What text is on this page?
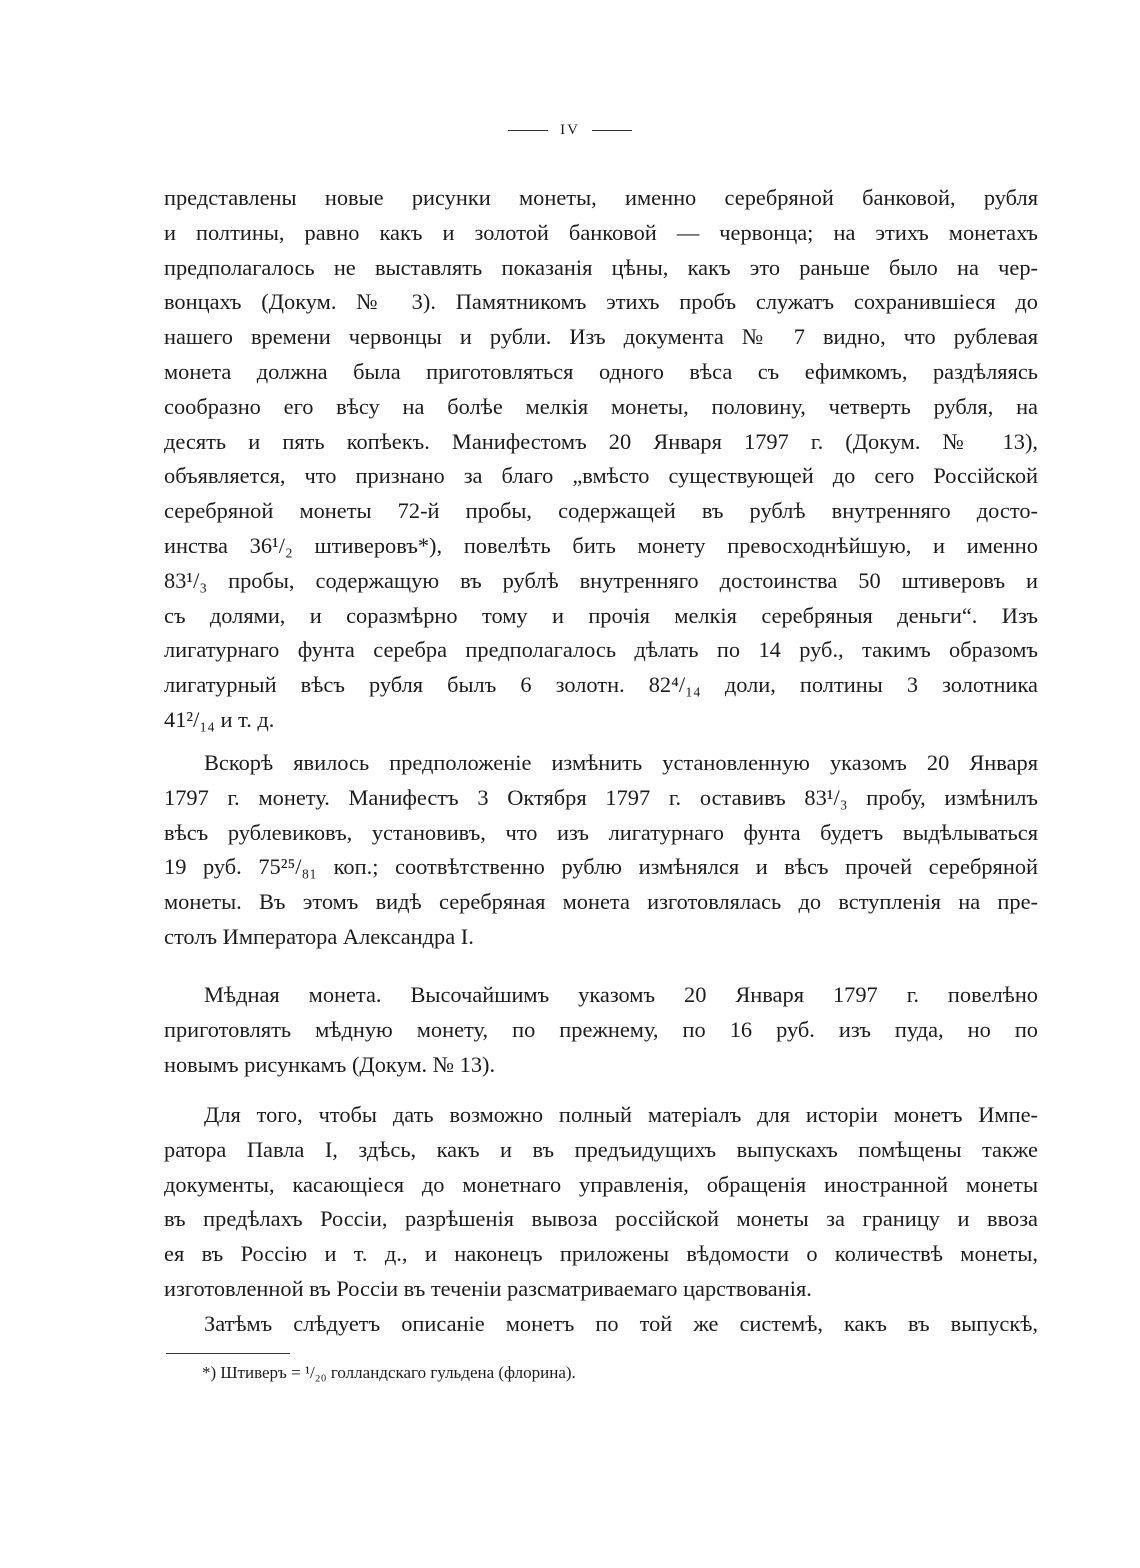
IV
представлены новые рисунки монеты, именно серебряной банковой, рубля
и полтины, равно какъ и золотой банковой — червонца; на этихъ монетахъ
предполагалось не выставлять показанія цѣны, какъ это раньше было на чер-
вонцахъ (Докум. № 3). Памятникомъ этихъ пробъ служатъ сохранившіеся до
нашего времени червонцы и рубли. Изъ документа № 7 видно, что рублевая
монета должна была приготовляться одного вѣса съ ефимкомъ, раздѣляясь
сообразно его вѣсу на болѣе мелкія монеты, половину, четверть рубля, на
десять и пять копѣекъ. Манифестомъ 20 Января 1797 г. (Докум. № 13),
объявляется, что признано за благо „вмѣсто существующей до сего Россійской
серебряной монеты 72-й пробы, содержащей въ рублѣ внутренняго досто-
инства 36¹/₂ штиверовъ*), повелѣть бить монету превосходнѣйшую, и именно
83¹/₃ пробы, содержащую въ рублѣ внутренняго достоинства 50 штиверовъ и
съ долями, и соразмѣрно тому и прочія мелкія серебряныя деньги“. Изъ
лигатурнаго фунта серебра предполагалось дѣлать по 14 руб., такимъ образомъ
лигатурный вѣсъ рубля былъ 6 золотн. 82⁴/₁₄ доли, полтины 3 золотника
41²/₁₄ и т. д.
Вскорѣ явилось предположеніе измѣнить установленную указомъ 20 Января
1797 г. монету. Манифестъ 3 Октября 1797 г. оставивъ 83¹/₃ пробу, измѣнилъ
вѣсъ рублевиковъ, установивъ, что изъ лигатурнаго фунта будетъ выдѣлываться
19 руб. 75²⁵/₈₁ коп.; соотвѣтственно рублю измѣнялся и вѣсъ прочей серебряной
монеты. Въ этомъ видѣ серебряная монета изготовлялась до вступленія на пре-
столъ Императора Александра I.
Мѣдная монета. Высочайшимъ указомъ 20 Января 1797 г. повелѣно
приготовлять мѣдную монету, по прежнему, по 16 руб. изъ пуда, но по
новымъ рисункамъ (Докум. № 13).
Для того, чтобы дать возможно полный матеріалъ для исторіи монетъ Импе-
ратора Павла I, здѣсь, какъ и въ предъидущихъ выпускахъ помѣщены также
документы, касающіеся до монетнаго управленія, обращенія иностранной монеты
въ предѣлахъ Россіи, разрѣшенія вывоза россійской монеты за границу и ввоза
ея въ Россію и т. д., и наконецъ приложены вѣдомости о количествѣ монеты,
изготовленной въ Россіи въ теченіи разсматриваемаго царствованія.
Затѣмъ слѣдуетъ описаніе монетъ по той же системѣ, какъ въ выпускѣ,
*) Штиверъ = ¹/₂₀ голландскаго гульдена (флорина).
